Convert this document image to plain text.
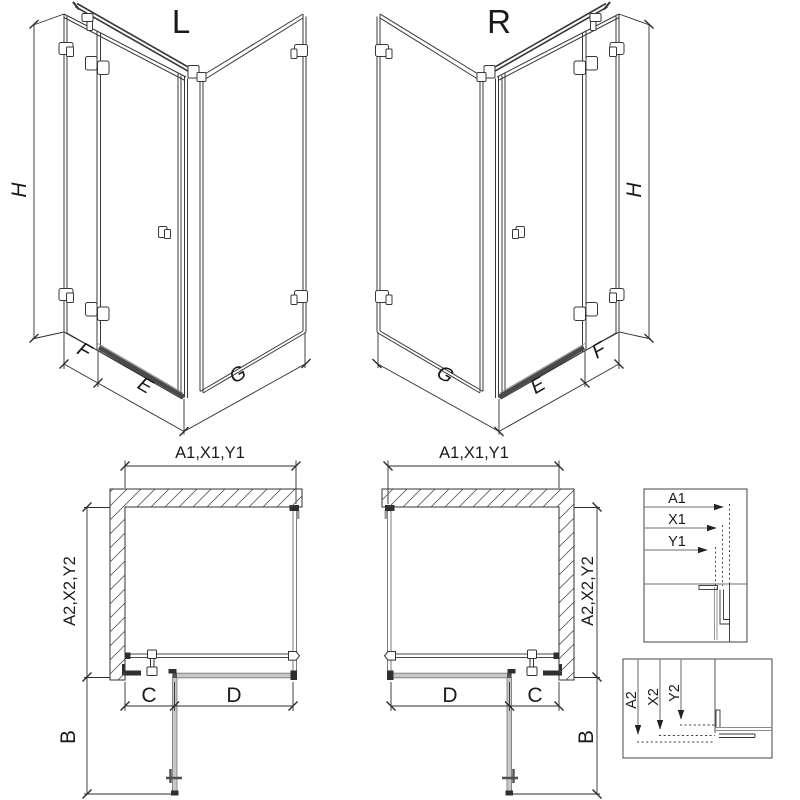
L	R
H	H
F
E	G
F
E
G
A1,X1,Y1	A1,X1,Y1
A2,X2,Y2	A2,X2,Y2
B	B
C	D	D	C
A1
X1
Y1
A2 X2 Y2
